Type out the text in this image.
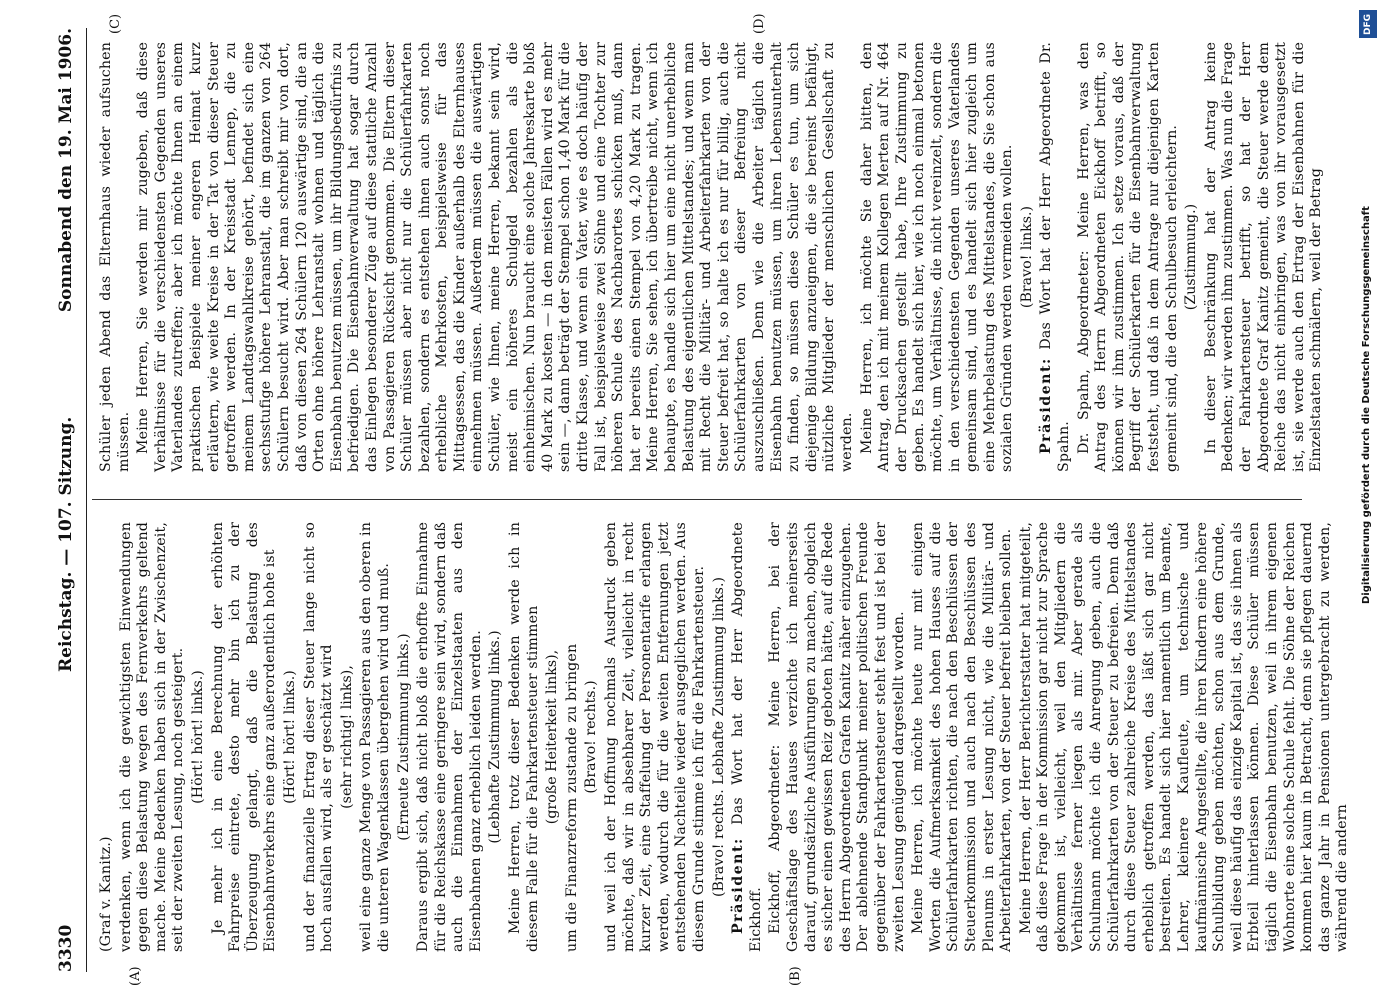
3330
Reichstag. — 107. Sitzung.
Sonnabend den 19. Mai 1906.
(A)	(B)
(C)	(D)

(Graf v. Kanitz.) verdenken, wenn ich die gewichtigsten Einwendungen gegen diese Belastung wegen des Fernverkehrs geltend mache. Meine Bedenken haben sich in der Zwischenzeit, seit der zweiten Lesung, noch gesteigert. (Hört! hört! links.) Je mehr ich in eine Berechnung der erhöhten Fahrpreise eintrete, desto mehr bin ich zu der Überzeugung gelangt, daß die Belastung des Eisenbahnverkehrs eine ganz außerordentlich hohe ist (Hört! hört! links.) und der finanzielle Ertrag dieser Steuer lange nicht so hoch ausfallen wird, als er geschätzt wird (sehr richtig! links), weil eine ganze Menge von Passagieren aus den oberen in die unteren Wagenklassen übergehen wird und muß. (Erneute Zustimmung links.) Daraus ergibt sich, daß nicht bloß die erhoffte Einnahme für die Reichskasse eine geringere sein wird, sondern daß auch die Einnahmen der Einzelstaaten aus den Eisenbahnen ganz erheblich leiden werden. (Lebhafte Zustimmung links.) Meine Herren, trotz dieser Bedenken werde ich in diesem Falle für die Fahrkartensteuer stimmen (große Heiterkeit links), um die Finanzreform zustande zu bringen (Bravo! rechts.) und weil ich der Hoffnung nochmals Ausdruck geben möchte, daß wir in absehbarer Zeit, vielleicht in recht kurzer Zeit, eine Staffelung der Personentarife erlangen werden, wodurch die für die weiten Entfernungen jetzt entstehenden Nachteile wieder ausgeglichen werden. Aus diesem Grunde stimme ich für die Fahrkartensteuer. (Bravo! rechts. Lebhafte Zustimmung links.) Präsident: Das Wort hat der Herr Abgeordnete Eickhoff. Eickhoff, Abgeordneter: Meine Herren, bei der Geschäftslage des Hauses verzichte ich meinerseits darauf, grundsätzliche Ausführungen zu machen, obgleich es sicher einen gewissen Reiz geboten hätte, auf die Rede des Herrn Abgeordneten Grafen Kanitz näher einzugehen. Der ablehnende Standpunkt meiner politischen Freunde gegenüber der Fahrkartensteuer steht fest und ist bei der zweiten Lesung genügend dargestellt worden. Meine Herren, ich möchte heute nur mit einigen Worten die Aufmerksamkeit des hohen Hauses auf die Schülerfahrkarten richten, die nach den Beschlüssen der Steuerkommission und auch nach den Beschlüssen des Plenums in erster Lesung nicht, wie die Militär- und Arbeiterfahrkarten, von der Steuer befreit bleiben sollen. Meine Herren, der Herr Berichterstatter hat mitgeteilt, daß diese Frage in der Kommission gar nicht zur Sprache gekommen ist, vielleicht, weil den Mitgliedern die Verhältnisse ferner liegen als mir. Aber gerade als Schulmann möchte ich die Anregung geben, auch die Schülerfahrkarten von der Steuer zu befreien. Denn daß durch diese Steuer zahlreiche Kreise des Mittelstandes erheblich getroffen werden, das läßt sich gar nicht bestreiten. Es handelt sich hier namentlich um Beamte, Lehrer, kleinere Kaufleute, um technische und kaufmännische Angestellte, die ihren Kindern eine höhere Schulbildung geben möchten, schon aus dem Grunde, weil diese häufig das einzige Kapital ist, das sie ihnen als Erbteil hinterlassen können. Diese Schüler müssen täglich die Eisenbahn benutzen, weil in ihrem eigenen Wohnorte eine solche Schule fehlt. Die Söhne der Reichen kommen hier kaum in Betracht, denn sie pflegen dauernd das ganze Jahr in Pensionen untergebracht zu werden, während die andern

Schüler jeden Abend das Elternhaus wieder aufsuchen müssen. Meine Herren, Sie werden mir zugeben, daß diese Verhältnisse für die verschiedensten Gegenden unseres Vaterlandes zutreffen; aber ich möchte Ihnen an einem praktischen Beispiele meiner engeren Heimat kurz erläutern, wie weite Kreise in der Tat von dieser Steuer getroffen werden. In der Kreisstadt Lennep, die zu meinem Landtagswahlkreise gehört, befindet sich eine sechsstufige höhere Lehranstalt, die im ganzen von 264 Schülern besucht wird. Aber man schreibt mir von dort, daß von diesen 264 Schülern 120 auswärtige sind, die an Orten ohne höhere Lehranstalt wohnen und täglich die Eisenbahn benutzen müssen, um ihr Bildungsbedürfnis zu befriedigen. Die Eisenbahnverwaltung hat sogar durch das Einlegen besonderer Züge auf diese stattliche Anzahl von Passagieren Rücksicht genommen. Die Eltern dieser Schüler müssen aber nicht nur die Schülerfahrkarten bezahlen, sondern es entstehen ihnen auch sonst noch erhebliche Mehrkosten, beispielsweise für das Mittagsessen, das die Kinder außerhalb des Elternhauses einnehmen müssen. Außerdem müssen die auswärtigen Schüler, wie Ihnen, meine Herren, bekannt sein wird, meist ein höheres Schulgeld bezahlen als die einheimischen. Nun braucht eine solche Jahreskarte bloß 40 Mark zu kosten — in den meisten Fällen wird es mehr sein —, dann beträgt der Stempel schon 1,40 Mark für die dritte Klasse, und wenn ein Vater, wie es doch häufig der Fall ist, beispielsweise zwei Söhne und eine Tochter zur höheren Schule des Nachbarortes schicken muß, dann hat er bereits einen Stempel von 4,20 Mark zu tragen. Meine Herren, Sie sehen, ich übertreibe nicht, wenn ich behaupte, es handle sich hier um eine nicht unerhebliche Belastung des eigentlichen Mittelstandes; und wenn man mit Recht die Militär- und Arbeiterfahrkarten von der Steuer befreit hat, so halte ich es nur für billig, auch die Schülerfahrkarten von dieser Befreiung nicht auszuschließen. Denn wie die Arbeiter täglich die Eisenbahn benutzen müssen, um ihren Lebensunterhalt zu finden, so müssen diese Schüler es tun, um sich diejenige Bildung anzueignen, die sie bereinst befähigt, nützliche Mitglieder der menschlichen Gesellschaft zu werden. Meine Herren, ich möchte Sie daher bitten, den Antrag, den ich mit meinem Kollegen Merten auf Nr. 464 der Drucksachen gestellt habe, Ihre Zustimmung zu geben. Es handelt sich hier, wie ich noch einmal betonen möchte, um Verhältnisse, die nicht vereinzelt, sondern die in den verschiedensten Gegenden unseres Vaterlandes gemeinsam sind, und es handelt sich hier zugleich um eine Mehrbelastung des Mittelstandes, die Sie schon aus sozialen Gründen werden vermeiden wollen. (Bravo! links.)

Präsident: Das Wort hat der Herr Abgeordnete Dr. Spahn. Dr. Spahn, Abgeordneter: Meine Herren, was den Antrag des Herrn Abgeordneten Eickhoff betrifft, so können wir ihm zustimmen. Ich setze voraus, daß der Begriff der Schülerkarten für die Eisenbahnverwaltung feststeht, und daß in dem Antrage nur diejenigen Karten gemeint sind, die den Schulbesuch erleichtern. (Zustimmung.) In dieser Beschränkung hat der Antrag keine Bedenken; wir werden ihm zustimmen. Was nun die Frage der Fahrkartensteuer betrifft, so hat der Herr Abgeordnete Graf Kanitz gemeint, die Steuer werde dem Reiche das nicht einbringen, was von ihr vorausgesetzt ist, sie werde auch den Ertrag der Eisenbahnen für die Einzelstaaten schmälern, weil der Betrag

DFG
Digitalisierung gefördert durch die Deutsche Forschungsgemeinschaft
